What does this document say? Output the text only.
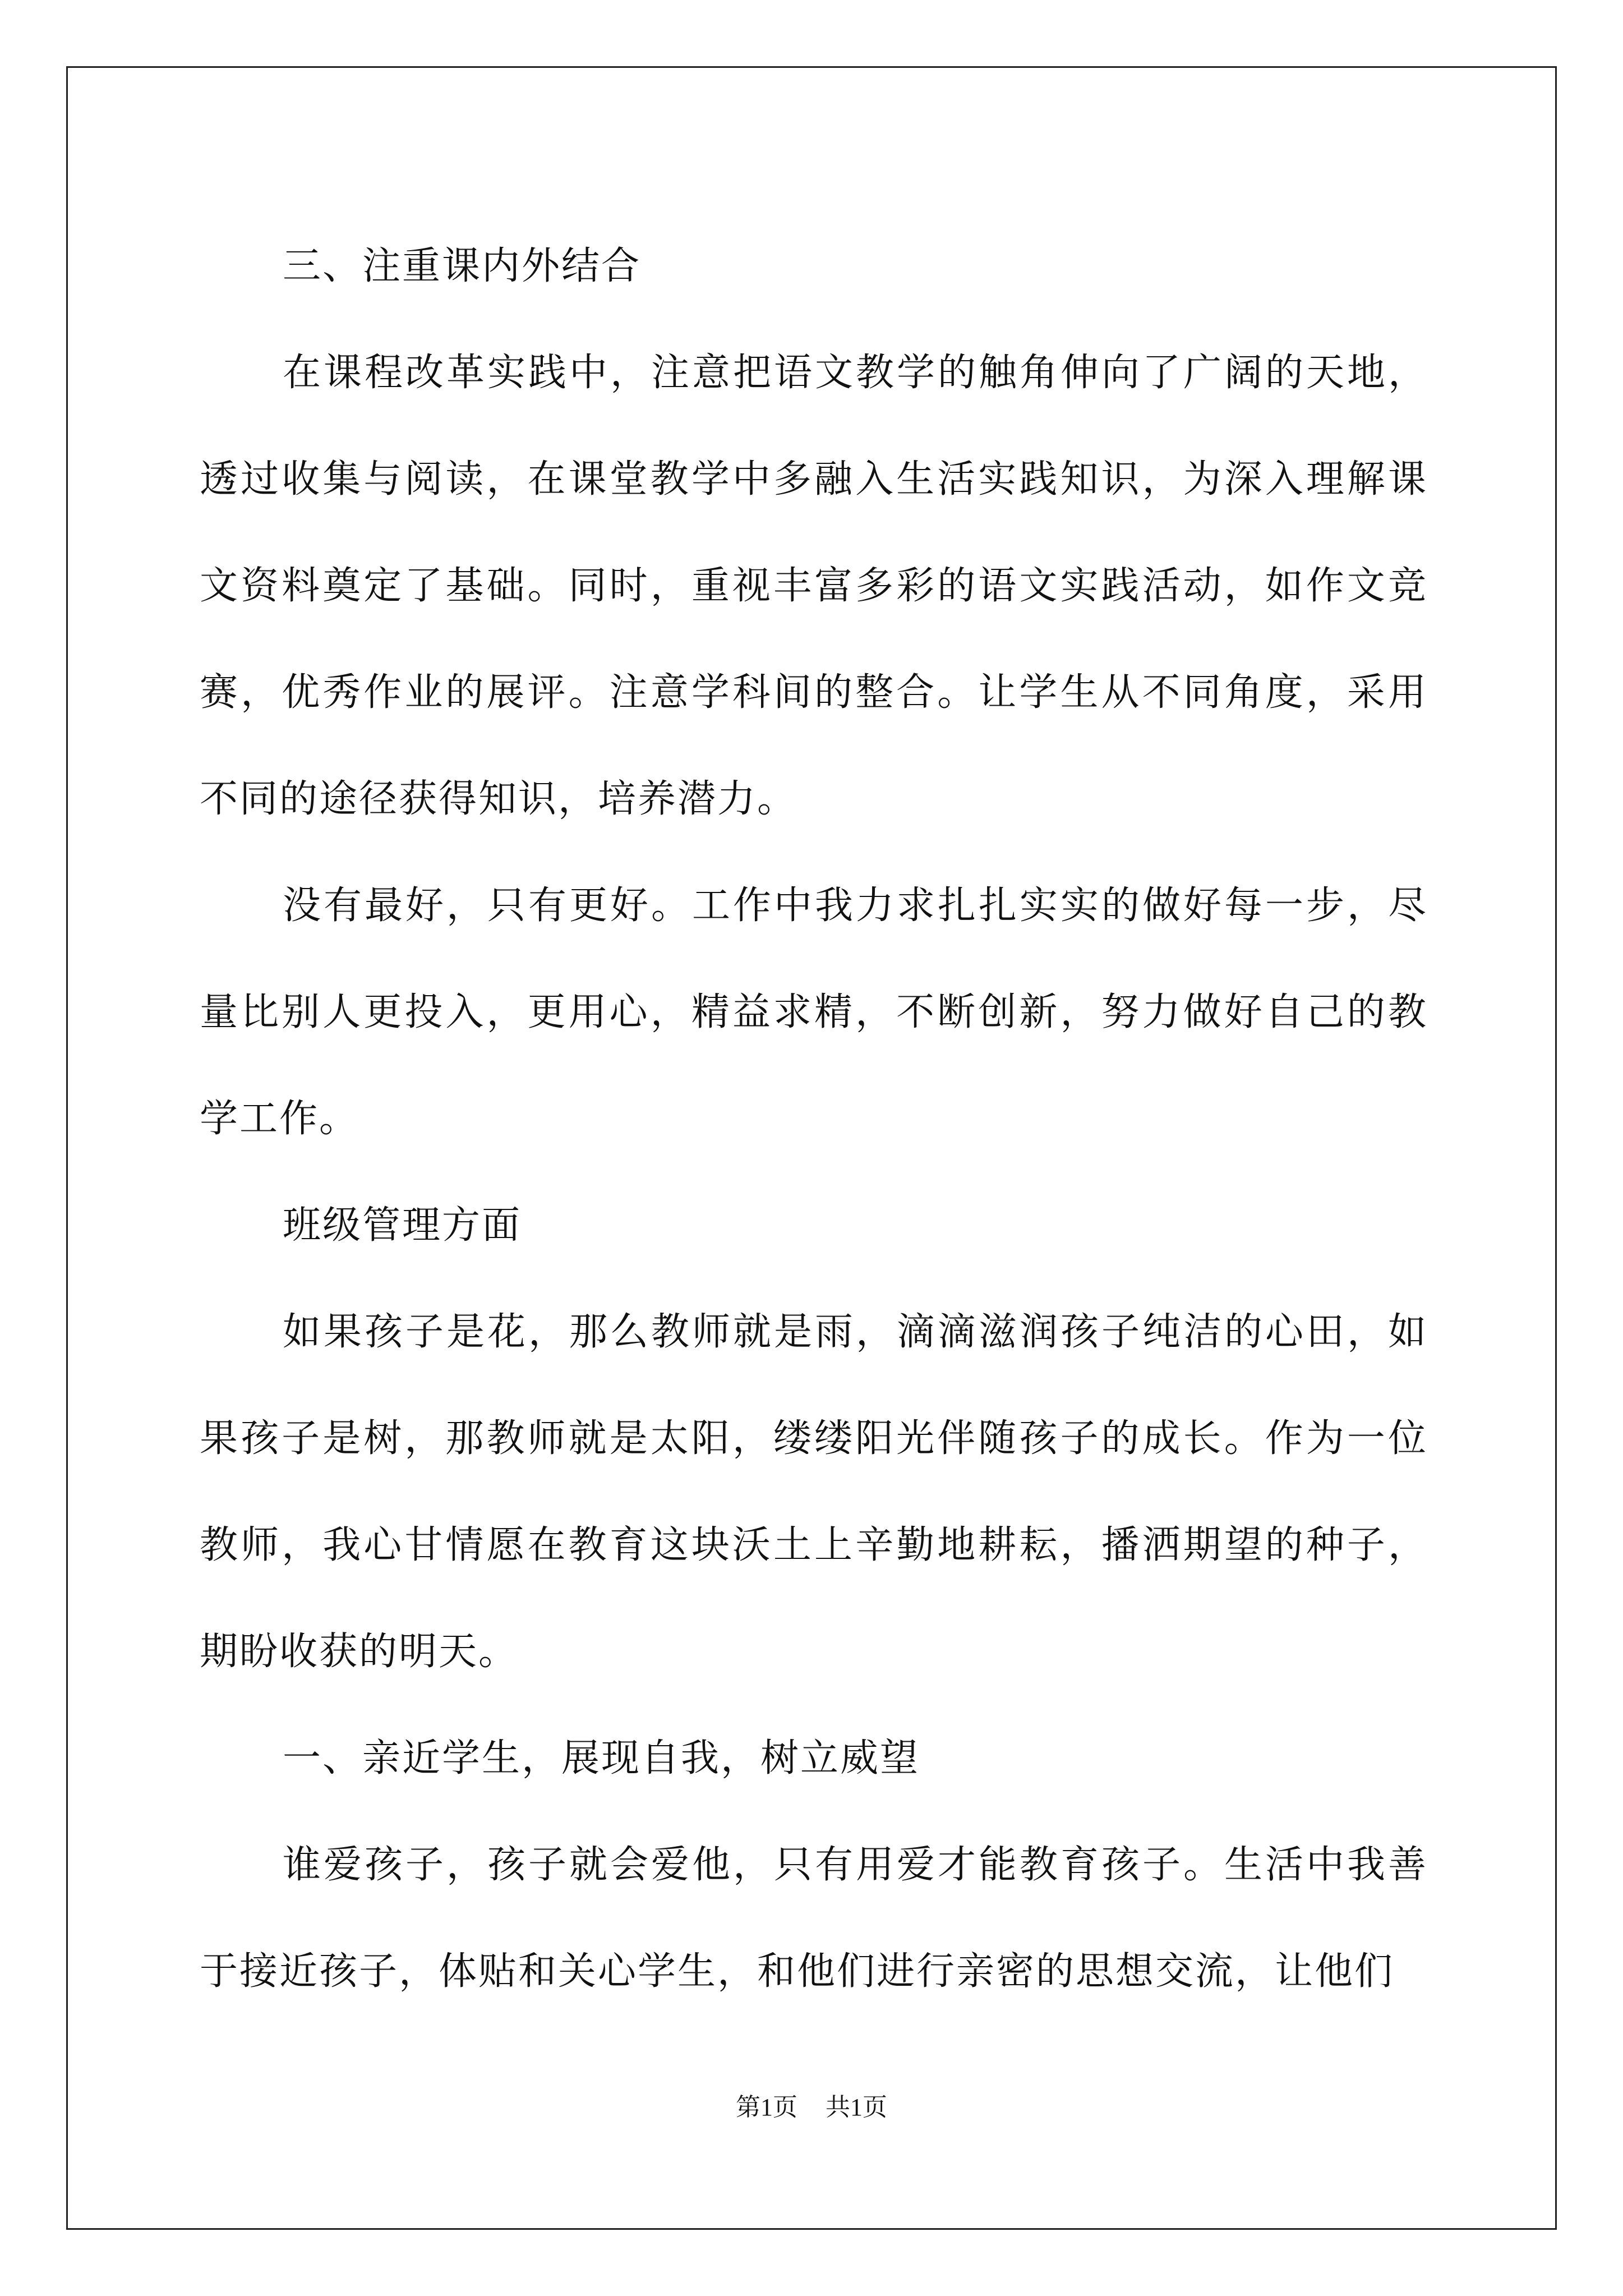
三、注重课内外结合

在课程改革实践中，注意把语文教学的触角伸向了广阔的天地，透过收集与阅读，在课堂教学中多融入生活实践知识，为深入理解课文资料奠定了基础。同时，重视丰富多彩的语文实践活动，如作文竞赛，优秀作业的展评。注意学科间的整合。让学生从不同角度，采用不同的途径获得知识，培养潜力。

没有最好，只有更好。工作中我力求扎扎实实的做好每一步，尽量比别人更投入，更用心，精益求精，不断创新，努力做好自己的教学工作。

班级管理方面

如果孩子是花，那么教师就是雨，滴滴滋润孩子纯洁的心田，如果孩子是树，那教师就是太阳，缕缕阳光伴随孩子的成长。作为一位教师，我心甘情愿在教育这块沃土上辛勤地耕耘，播洒期望的种子，期盼收获的明天。

一、亲近学生，展现自我，树立威望

谁爱孩子，孩子就会爱他，只有用爱才能教育孩子。生活中我善于接近孩子，体贴和关心学生，和他们进行亲密的思想交流，让他们

第1页 共1页
